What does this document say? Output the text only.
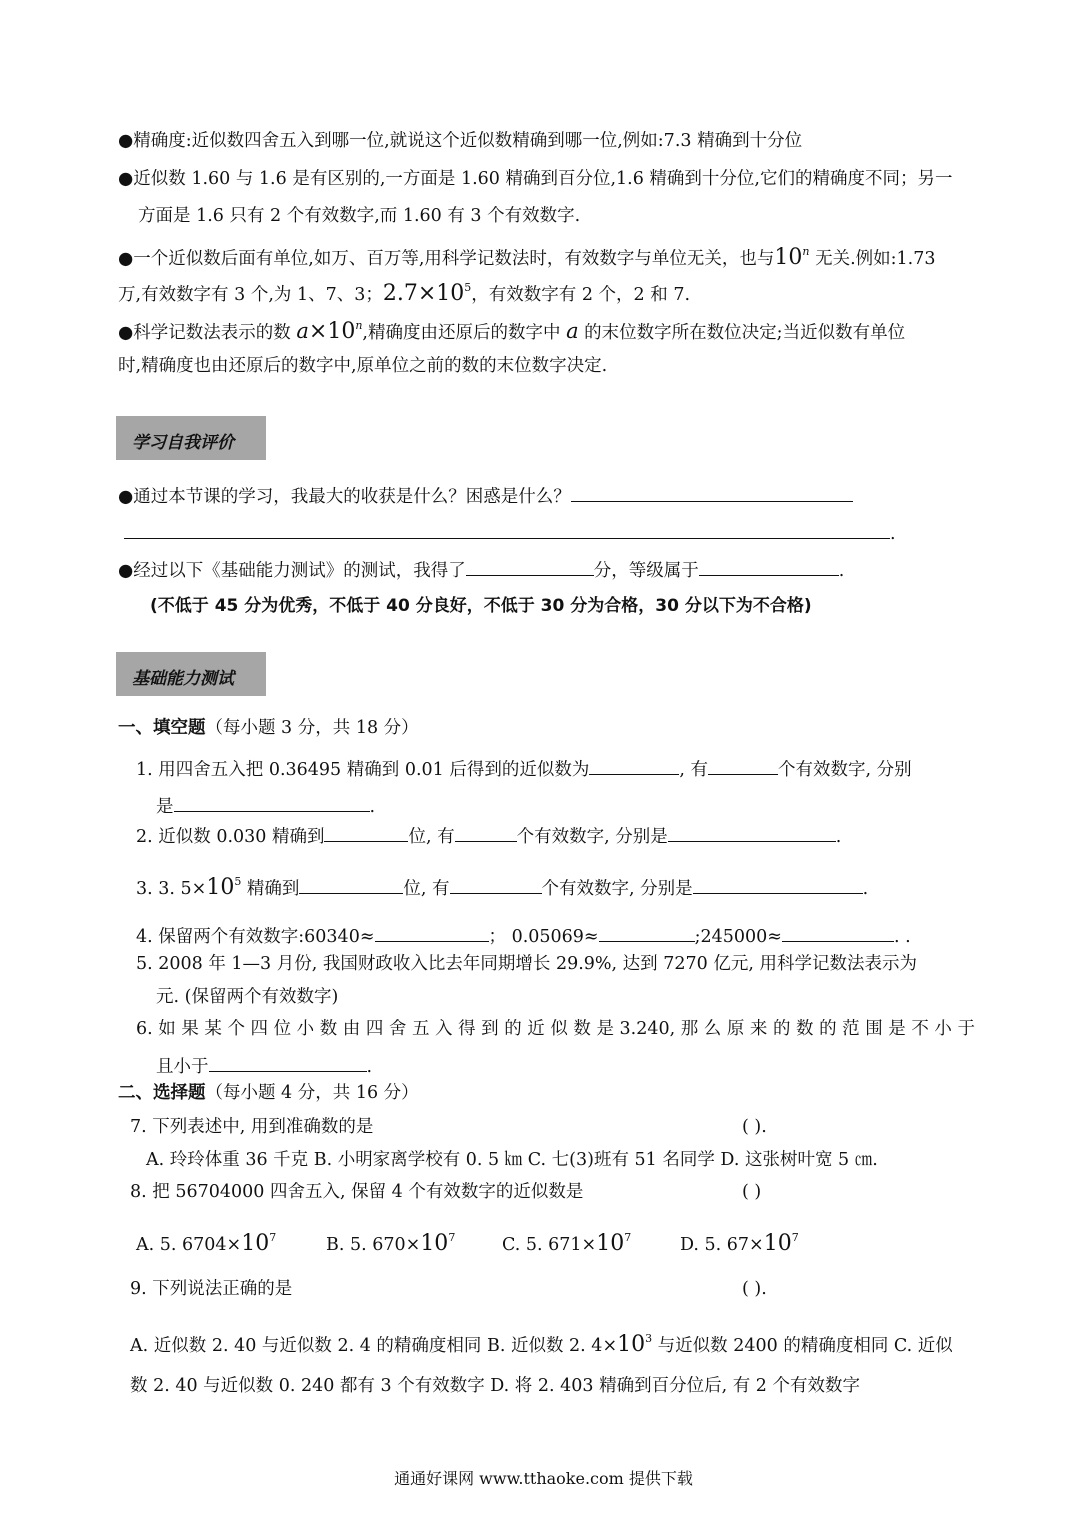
●精确度:近似数四舍五入到哪一位,就说这个近似数精确到哪一位,例如:7.3 精确到十分位
●近似数 1.60 与 1.6 是有区别的,一方面是 1.60 精确到百分位,1.6 精确到十分位,它们的精确度不同；另一
方面是 1.6 只有 2 个有效数字,而 1.60 有 3 个有效数字.
●一个近似数后面有单位,如万、百万等,用科学记数法时，有效数字与单位无关，也与10$^n$ 无关.例如:1.73
万,有效数字有 3 个,为 1、7、3；$2.7\times 10^5$，有效数字有 2 个，2 和 7.
●科学记数法表示的数 $a\times 10^n$,精确度由还原后的数字中 a 的末位数字所在数位决定;当近似数有单位
时,精确度也由还原后的数字中,原单位之前的数的末位数字决定.
学习自我评价
●通过本节课的学习，我最大的收获是什么？困惑是什么？
.
●经过以下《基础能力测试》的测试，我得了	分，等级属于	.
(不低于 45 分为优秀，不低于 40 分良好，不低于 30 分为合格，30 分以下为不合格)
基础能力测试
一、填空题（每小题 3 分，共 18 分）
1. 用四舍五入把 0.36495 精确到 0.01 后得到的近似数为	, 有	个有效数字, 分别
是	.
2. 近似数 0.030 精确到	位, 有	个有效数字, 分别是	.
3. 3. $5\times 10^5$ 精确到	位, 有	个有效数字, 分别是	.
4. 保留两个有效数字:60340≈	； 0.05069≈	;245000≈	. .
5. 2008 年 1—3 月份, 我国财政收入比去年同期增长 29.9%, 达到 7270 亿元, 用科学记数法表示为
元. (保留两个有效数字)
6. 如 果 某 个 四 位 小 数 由 四 舍 五 入 得 到 的 近 似 数 是 3.240, 那 么 原 来 的 数 的 范 围 是 不 小 于
且小于	.
二、选择题（每小题 4 分，共 16 分）
7. 下列表述中, 用到准确数的是	( ).
A. 玲玲体重 36 千克 B. 小明家离学校有 0. 5 ㎞ C. 七(3)班有 51 名同学 D. 这张树叶宽 5 ㎝.
8. 把 56704000 四舍五入, 保留 4 个有效数字的近似数是	( )
A. 5. $6704\times 10^7$	B. 5. $670\times 10^7$	C. 5. $671\times 10^7$	D. 5. $67\times 10^7$
9. 下列说法正确的是	( ).
A. 近似数 2. 40 与近似数 2. 4 的精确度相同 B. 近似数 2. $4\times 10^3$ 与近似数 2400 的精确度相同 C. 近似
数 2. 40 与近似数 0. 240 都有 3 个有效数字 D. 将 2. 403 精确到百分位后, 有 2 个有效数字
通通好课网 www.tthaoke.com 提供下载
